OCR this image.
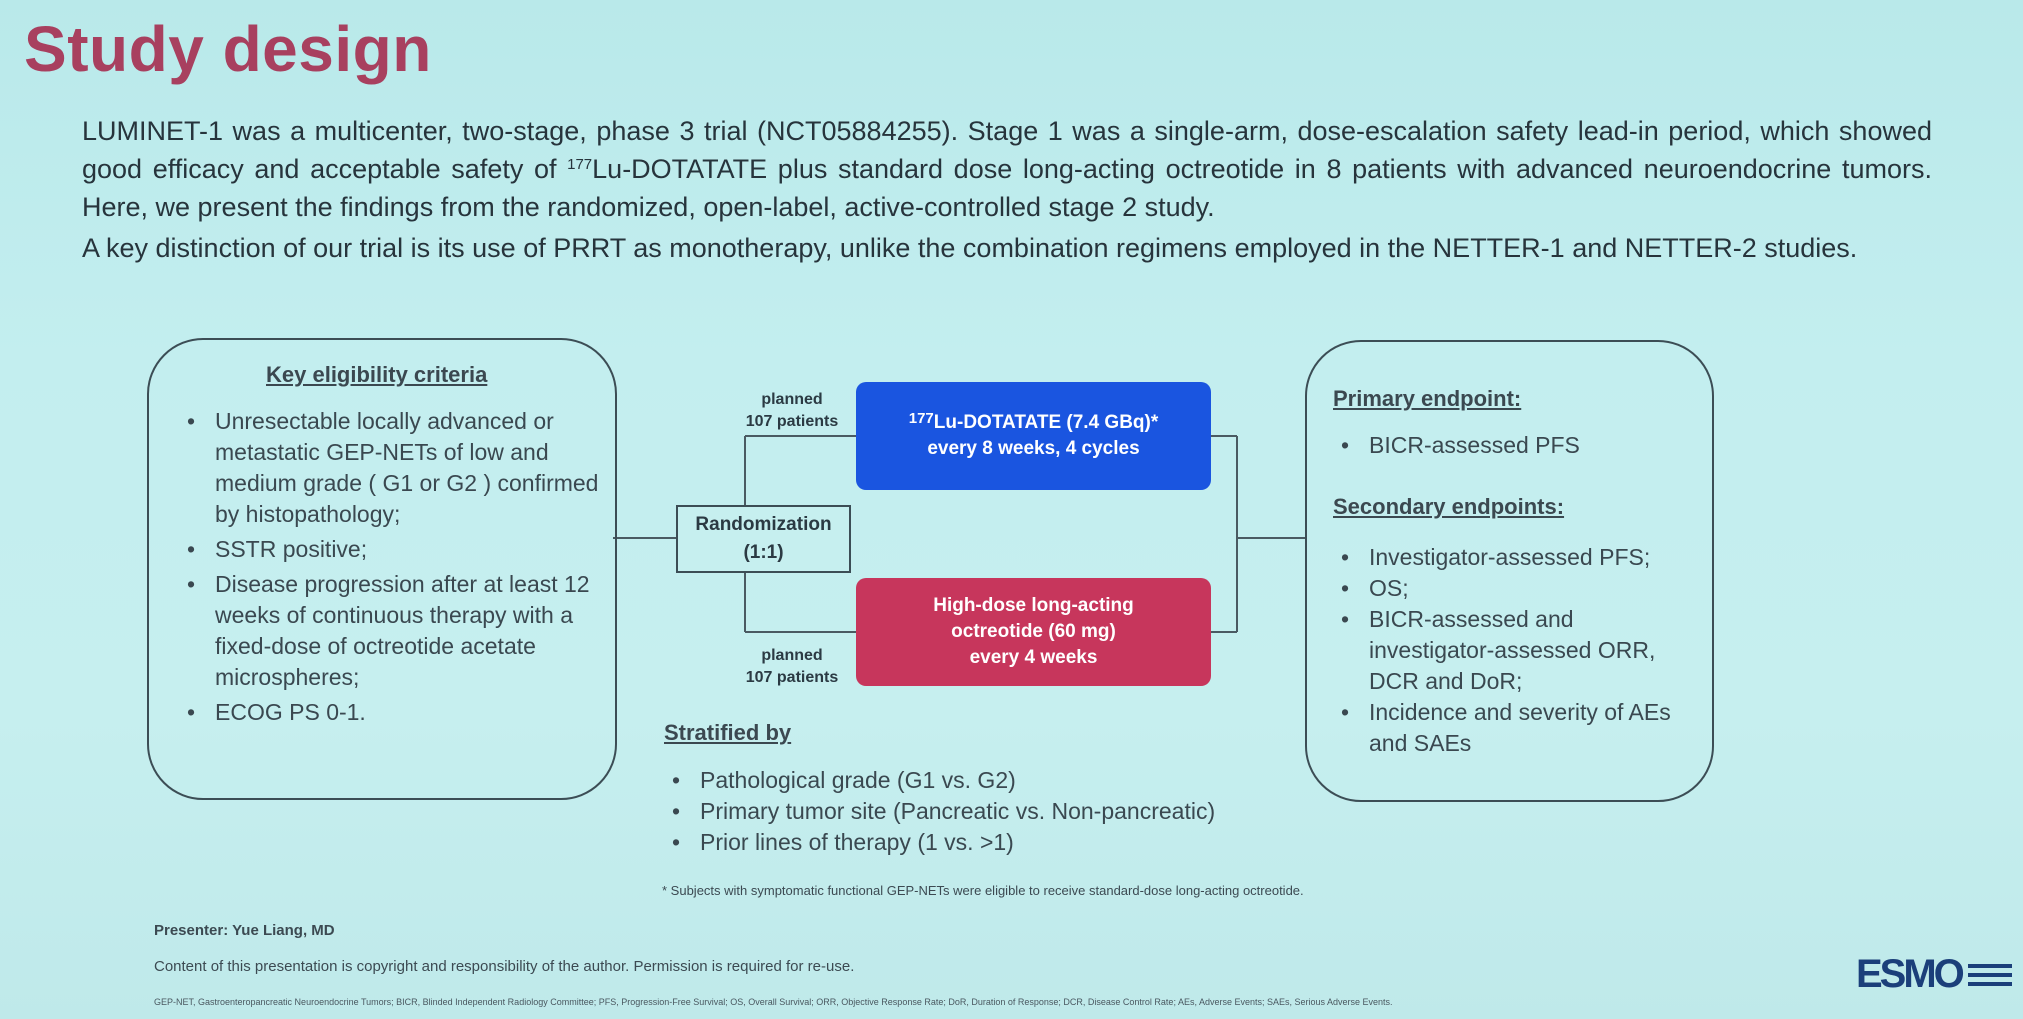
Study design

LUMINET-1 was a multicenter, two-stage, phase 3 trial (NCT05884255). Stage 1 was a single-arm, dose-escalation safety lead-in period, which showed good efficacy and acceptable safety of $^{177}$Lu-DOTATATE plus standard dose long-acting octreotide in 8 patients with advanced neuroendocrine tumors. Here, we present the findings from the randomized, open-label, active-controlled stage 2 study.

A key distinction of our trial is its use of PRRT as monotherapy, unlike the combination regimens employed in the NETTER-1 and NETTER-2 studies.

Key eligibility criteria
• Unresectable locally advanced or metastatic GEP-NETs of low and medium grade ( G1 or G2 ) confirmed by histopathology;
• SSTR positive;
• Disease progression after at least 12 weeks of continuous therapy with a fixed-dose of octreotide acetate microspheres;
• ECOG PS 0-1.
Randomization
(1:1)
planned
107 patients
planned
107 patients
$^{177}$Lu-DOTATATE (7.4 GBq)*
every 8 weeks, 4 cycles
High-dose long-acting
octreotide (60 mg)
every 4 weeks
Stratified by
• Pathological grade (G1 vs. G2)
• Primary tumor site (Pancreatic vs. Non-pancreatic)
• Prior lines of therapy (1 vs. >1)
Primary endpoint:
• BICR-assessed PFS
Secondary endpoints:
• Investigator-assessed PFS;
• OS;
• BICR-assessed and investigator-assessed ORR, DCR and DoR;
• Incidence and severity of AEs and SAEs
* Subjects with symptomatic functional GEP-NETs were eligible to receive standard-dose long-acting octreotide.
Presenter: Yue Liang, MD
Content of this presentation is copyright and responsibility of the author. Permission is required for re-use.
GEP-NET, Gastroenteropancreatic Neuroendocrine Tumors; BICR, Blinded Independent Radiology Committee; PFS, Progression-Free Survival; OS, Overall Survival; ORR, Objective Response Rate; DoR, Duration of Response; DCR, Disease Control Rate; AEs, Adverse Events; SAEs, Serious Adverse Events.
ESMO
